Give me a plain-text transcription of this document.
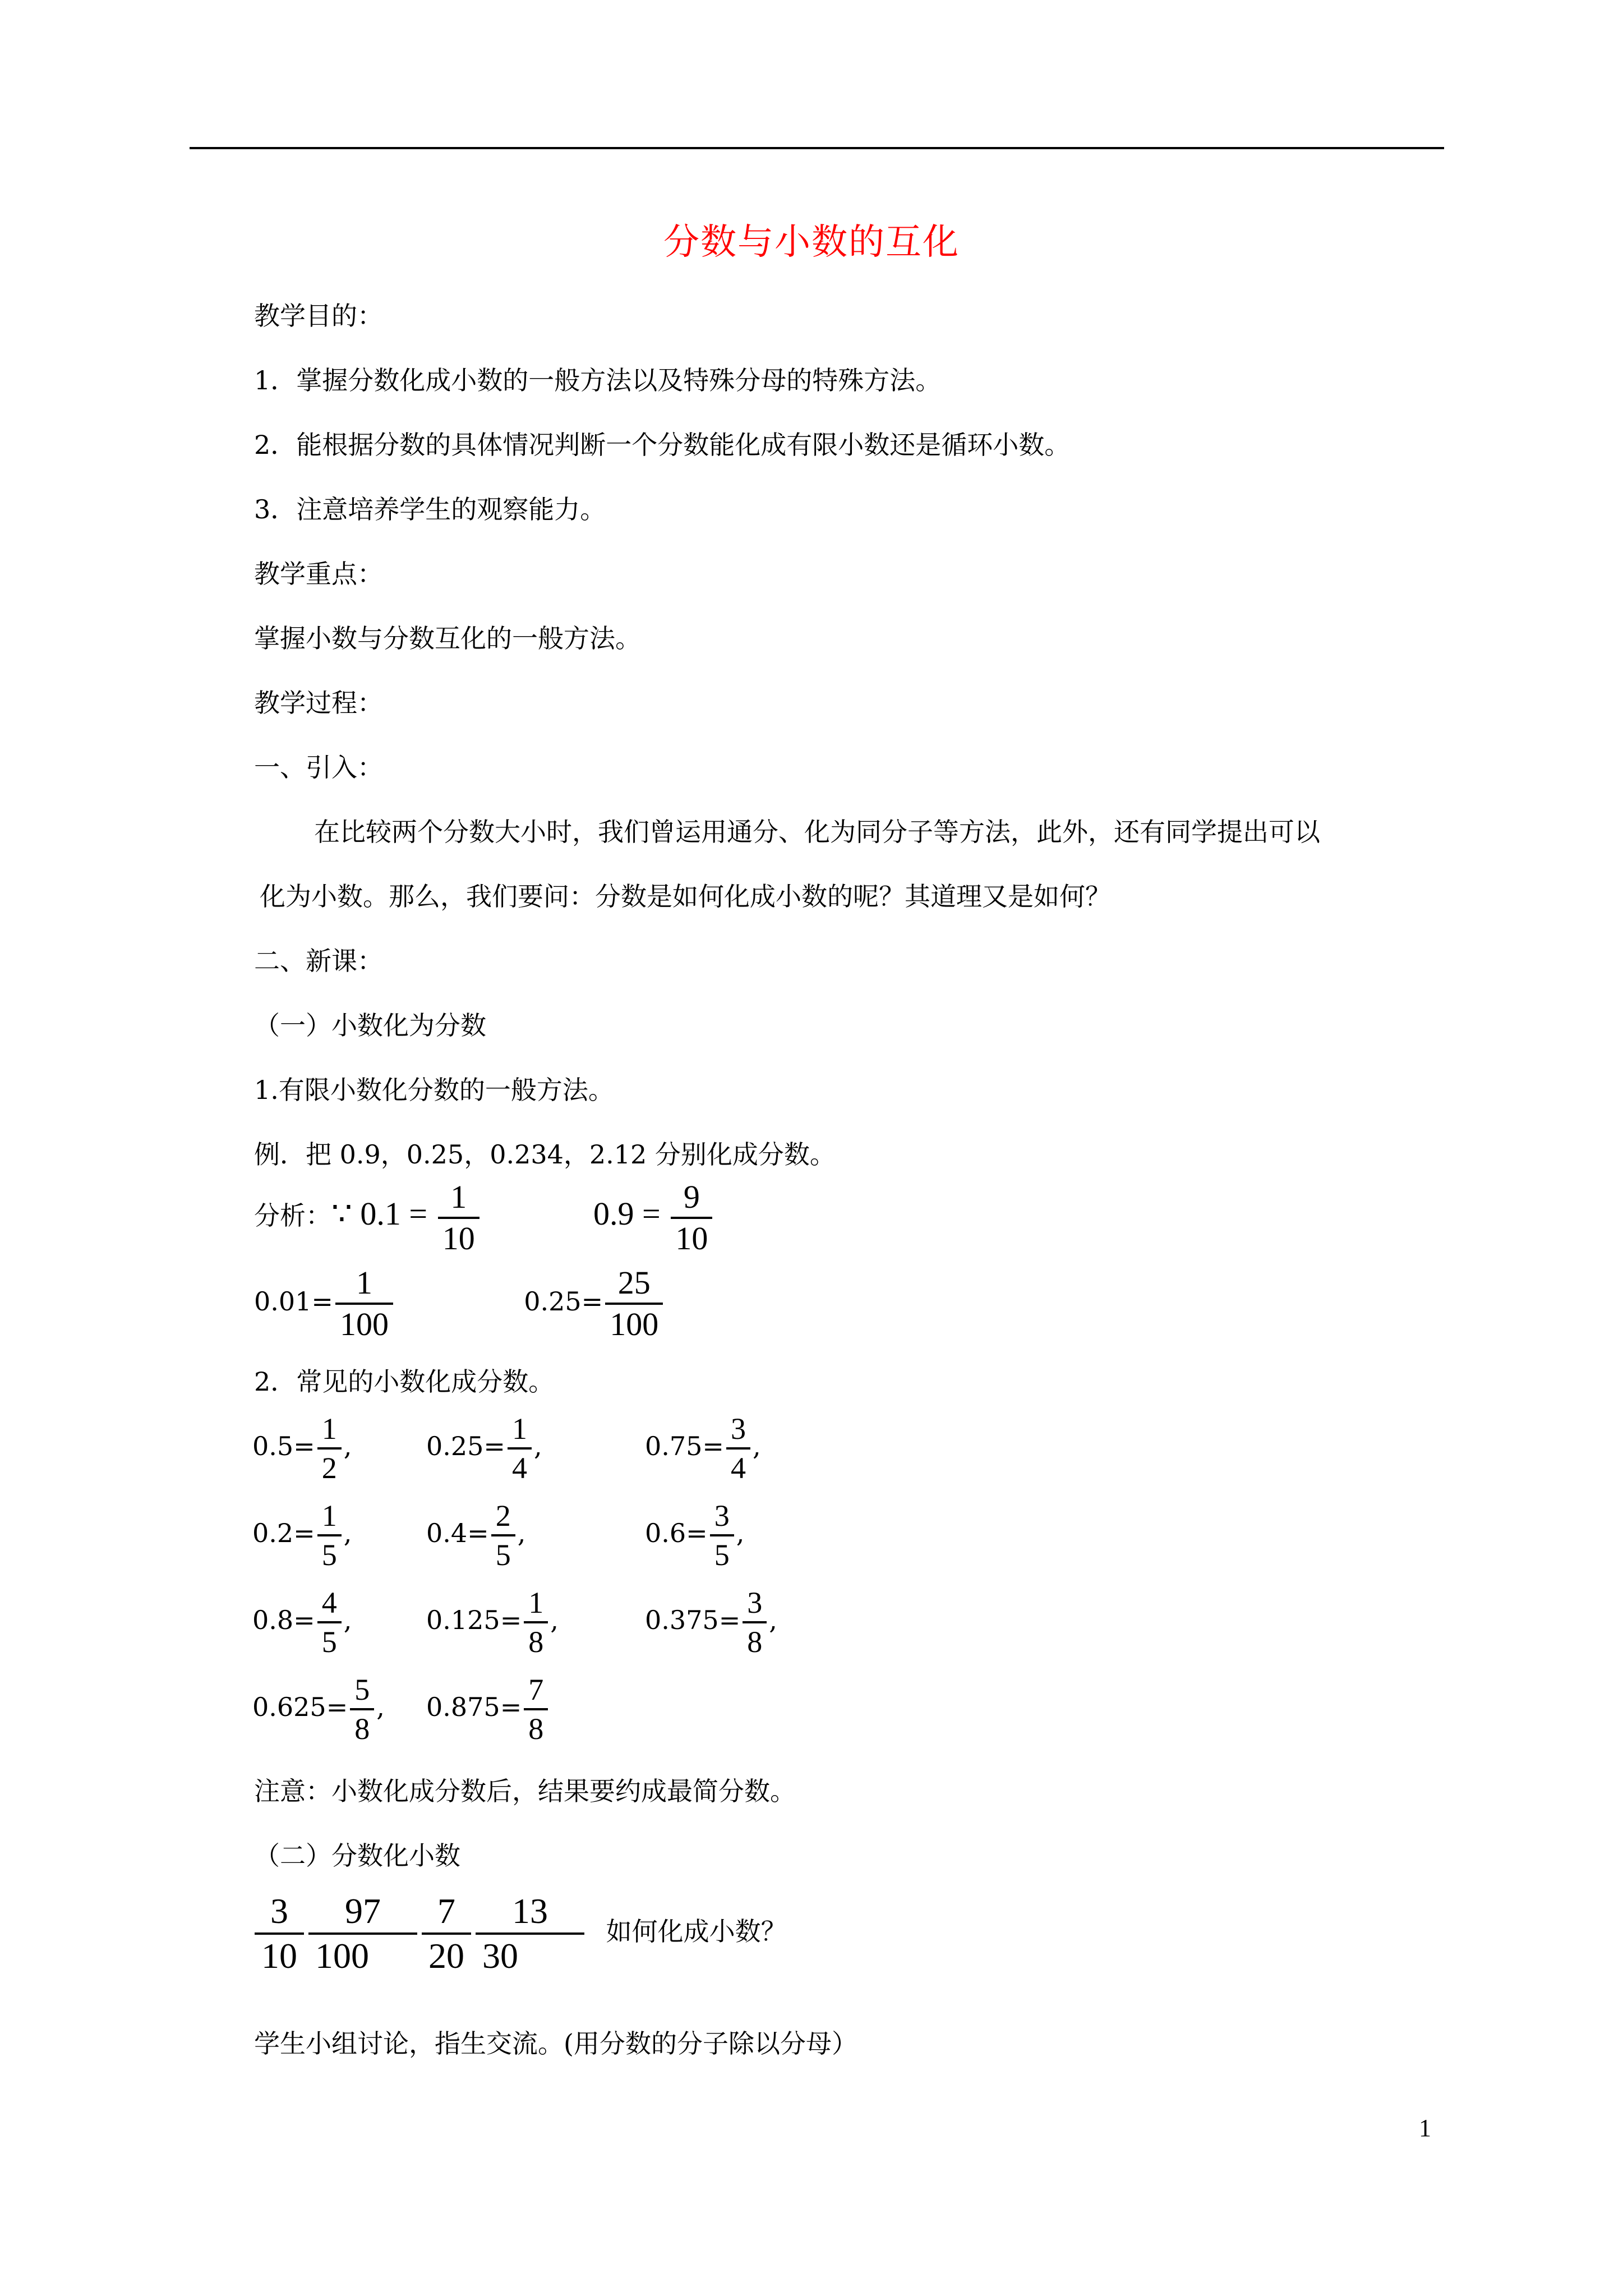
分数与小数的互化
教学目的：
1．掌握分数化成小数的一般方法以及特殊分母的特殊方法。
2．能根据分数的具体情况判断一个分数能化成有限小数还是循环小数。
3．注意培养学生的观察能力。
教学重点：
掌握小数与分数互化的一般方法。
教学过程：
一、引入：
在比较两个分数大小时，我们曾运用通分、化为同分子等方法，此外，还有同学提出可以
化为小数。那么，我们要问：分数是如何化成小数的呢？其道理又是如何？
二、新课：
（一）小数化为分数
1.有限小数化分数的一般方法。
例．把 0.9，0.25，0.234，2.12 分别化成分数。
分析：∵ $0.1 = \frac{1}{10}$	$0.9 = \frac{9}{10}$
$0.01= \frac{1}{100}$	$0.25= \frac{25}{100}$
2．常见的小数化成分数。
$0.5= \frac{1}{2}$ ,	$0.25= \frac{1}{4}$ ,	$0.75= \frac{3}{4}$ ,
$0.2= \frac{1}{5}$ ,	$0.4= \frac{2}{5}$ ,	$0.6= \frac{3}{5}$ ,
$0.8= \frac{4}{5}$ ,	$0.125= \frac{1}{8}$ ,	$0.375= \frac{3}{8}$ ,
$0.625= \frac{5}{8}$ , $0.875= \frac{7}{8}$
注意：小数化成分数后，结果要约成最简分数。
（二）分数化小数
$\frac{3}{10} \frac{97}{100} \frac{7}{20} \frac{13}{30}$ 如何化成小数？
学生小组讨论，指生交流。(用分数的分子除以分母）
1
